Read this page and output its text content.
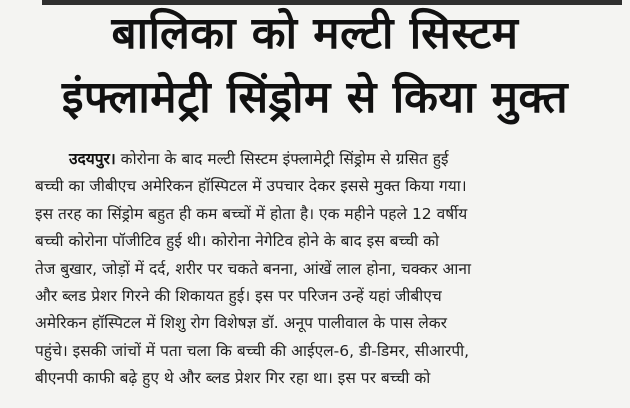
बालिका को मल्टी सिस्टम
इंफ्लामेट्री सिंड्रोम से किया मुक्त
उदयपुर। कोरोना के बाद मल्टी सिस्टम इंफ्लामेट्री सिंड्रोम से ग्रसित हुई
बच्ची का जीबीएच अमेरिकन हॉस्पिटल में उपचार देकर इससे मुक्त किया गया।
इस तरह का सिंड्रोम बहुत ही कम बच्चों में होता है। एक महीने पहले 12 वर्षीय
बच्ची कोरोना पॉजीटिव हुई थी। कोरोना नेगेटिव होने के बाद इस बच्ची को
तेज बुखार, जोड़ों में दर्द, शरीर पर चकते बनना, आंखें लाल होना, चक्कर आना
और ब्लड प्रेशर गिरने की शिकायत हुई। इस पर परिजन उन्हें यहां जीबीएच
अमेरिकन हॉस्पिटल में शिशु रोग विशेषज्ञ डॉ. अनूप पालीवाल के पास लेकर
पहुंचे। इसकी जांचों में पता चला कि बच्ची की आईएल-6, डी-डिमर, सीआरपी,
बीएनपी काफी बढ़े हुए थे और ब्लड प्रेशर गिर रहा था। इस पर बच्ची को
